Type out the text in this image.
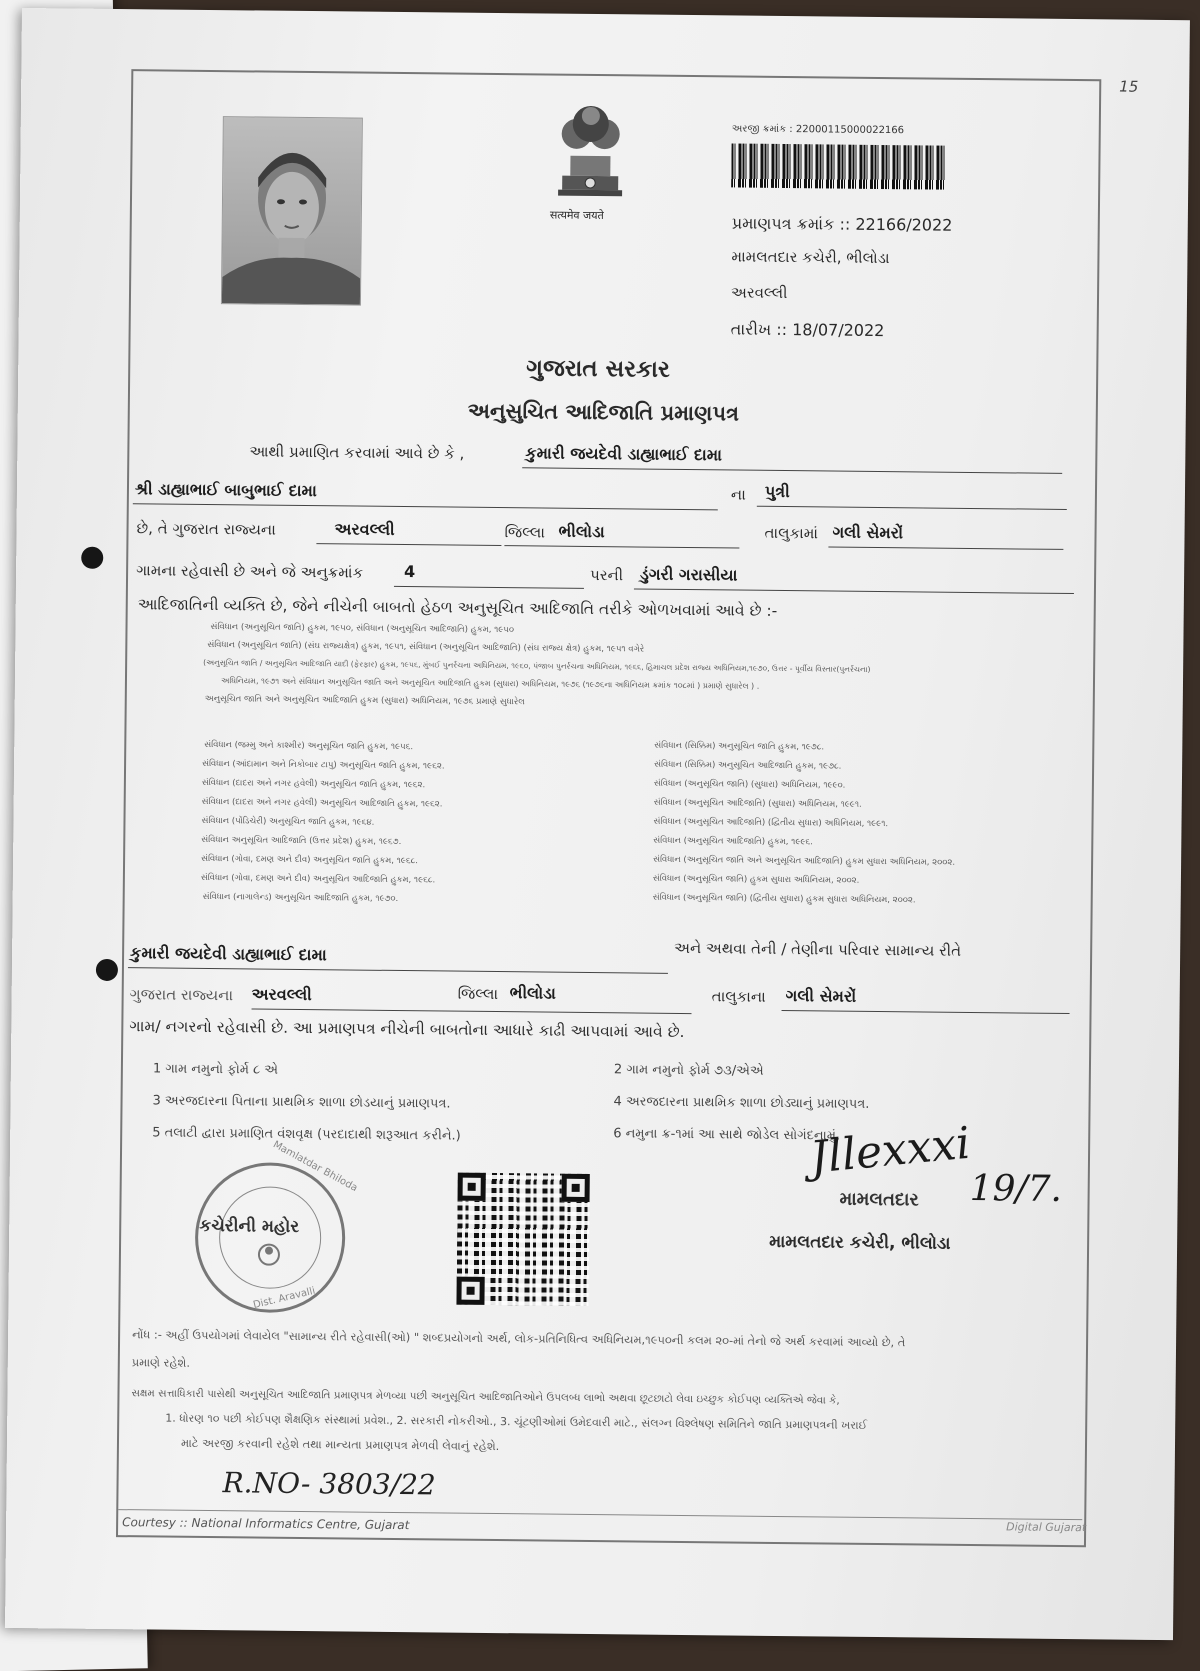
15
सत्यमेव जयते
અરજી ક્રમાંક : 22000115000022166
પ્રમાણપત્ર ક્રમાંક :: 22166/2022
મામલતદાર કચેરી, ભીલોડા
અરવલ્લી
તારીખ :: 18/07/2022
ગુજરાત સરકાર
અનુસુચિત આદિજાતિ પ્રમાણપત્ર
આથી પ્રમાણિત કરવામાં આવે છે કે ,	કુમારી જયદેવી ડાહ્યાભાઈ દામા
શ્રી ડાહ્યાભાઈ બાબુભાઈ દામા	ના પુત્રી
છે, તે ગુજરાત રાજ્યના	અરવલ્લી	જિલ્લા ભીલોડા	તાલુકામાં ગલી સેમરોં
ગામના રહેવાસી છે અને જે અનુક્રમાંક	4	પરની ડુંગરી ગરાસીયા
આદિજાતિની વ્યક્તિ છે, જેને નીચેની બાબતો હેઠળ અનુસૂચિત આદિજાતિ તરીકે ઓળખવામાં આવે છે :-
સંવિધાન (અનુસૂચિત જાતિ) હુકમ, ૧૯૫૦, સંવિધાન (અનુસૂચિત આદિજાતિ) હુકમ, ૧૯૫૦
સંવિધાન (અનુસૂચિત જાતિ) (સંઘ રાજ્યક્ષેત્ર) હુકમ, ૧૯૫૧, સંવિધાન (અનુસૂચિત આદિજાતિ) (સંઘ રાજ્ય ક્ષેત્ર) હુકમ, ૧૯૫૧ વગેરે
(અનુસૂચિત જાતિ / અનુસૂચિત આદિજાતિ યાદી (ફેરફાર) હુકમ, ૧૯૫૬, મુંબઈ પુનર્રચના અધિનિયમ, ૧૯૬૦, પંજાબ પુનર્રચના અધિનિયમ, ૧૯૬૬, હિમાચલ પ્રદેશ રાજ્ય અધિનિયમ,૧૯૭૦, ઉત્તર - પૂર્વીય વિસ્તાર(પુનર્રચના)
અધિનિયમ, ૧૯૭૧ અને સંવિધાન અનુસૂચિત જાતિ અને અનુસૂચિત આદિજાતિ હુકમ (સુધારા) અધિનિયમ, ૧૯૭૬ (૧૯૭૬ના અધિનિયમ ક્રમાંક ૧૦૮માં ) પ્રમાણે સુધારેલ ) .
અનુસૂચિત જાતિ અને અનુસૂચિત આદિજાતિ હુકમ (સુધારા) અધિનિયમ, ૧૯૭૬ પ્રમાણે સુધારેલ
સંવિધાન (જમ્મુ અને કાશ્મીર) અનુસૂચિત જાતિ હુકમ, ૧૯૫૬.
સંવિધાન (આંદામાન અને નિકોબાર ટાપુ) અનુસૂચિત જાતિ હુકમ, ૧૯૬૨.
સંવિધાન (દાદરા અને નગર હવેલી) અનુસૂચિત જાતિ હુકમ, ૧૯૬૨.
સંવિધાન (દાદરા અને નગર હવેલી) અનુસૂચિત આદિજાતિ હુકમ, ૧૯૬૨.
સંવિધાન (પોંડિચેરી) અનુસૂચિત જાતિ હુકમ, ૧૯૬૪.
સંવિધાન અનુસૂચિત આદિજાતિ (ઉત્તર પ્રદેશ) હુકમ, ૧૯૬૭.
સંવિધાન (ગોવા, દમણ અને દીવ) અનુસૂચિત જાતિ હુકમ, ૧૯૬૮.
સંવિધાન (ગોવા, દમણ અને દીવ) અનુસૂચિત આદિજાતિ હુકમ, ૧૯૬૮.
સંવિધાન (નાગાલેન્ડ) અનુસૂચિત આદિજાતિ હુકમ, ૧૯૭૦.
સંવિધાન (સિક્કિમ) અનુસૂચિત જાતિ હુકમ, ૧૯૭૮.
સંવિધાન (સિક્કિમ) અનુસૂચિત આદિજાતિ હુકમ, ૧૯૭૮.
સંવિધાન (અનુસૂચિત જાતિ) (સુધારા) અધિનિયમ, ૧૯૯૦.
સંવિધાન (અનુસૂચિત આદિજાતિ) (સુધારા) અધિનિયમ, ૧૯૯૧.
સંવિધાન (અનુસૂચિત આદિજાતિ) (દ્વિતીય સુધારા) અધિનિયમ, ૧૯૯૧.
સંવિધાન (અનુસૂચિત આદિજાતિ) હુકમ, ૧૯૯૬.
સંવિધાન (અનુસૂચિત જાતિ અને અનુસૂચિત આદિજાતિ) હુકમ સુધારા અધિનિયમ, ૨૦૦૨.
સંવિધાન (અનુસૂચિત જાતિ) હુકમ સુધારા અધિનિયમ, ૨૦૦૨.
સંવિધાન (અનુસૂચિત જાતિ) (દ્વિતીય સુધારા) હુકમ સુધારા અધિનિયમ, ૨૦૦૨.
અને અથવા તેની / તેણીના પરિવાર સામાન્ય રીતે
કુમારી જયદેવી ડાહ્યાભાઈ દામા
ગુજરાત રાજ્યના અરવલ્લી	જિલ્લા ભીલોડા	તાલુકાના ગલી સેમરોં
ગામ/ નગરનો રહેવાસી છે. આ પ્રમાણપત્ર નીચેની બાબતોના આધારે કાઢી આપવામાં આવે છે.
1 ગામ નમુનો ફોર્મ ૮ એ	2 ગામ નમુનો ફોર્મ ૭૩/એએ
3 અરજદારના પિતાના પ્રાથમિક શાળા છોડયાનું પ્રમાણપત્ર.	4 અરજદારના પ્રાથમિક શાળા છોડ્યાનું પ્રમાણપત્ર.
5 તલાટી દ્વારા પ્રમાણિત વંશવૃક્ષ (પરદાદાથી શરૂઆત કરીને.)	6 નમુના ક્ર-૧માં આ સાથે જોડેલ સોગંદનામું.
Mamlatdar Bhiloda
Dist. Aravalli
કચેરીની મહોર
Jllexxxi
19/7.
મામલતદાર
મામલતદાર કચેરી, ભીલોડા
નોંધ :- અહીં ઉપયોગમાં લેવાયેલ "સામાન્ય રીતે રહેવાસી(ઓ) " શબ્દપ્રયોગનો અર્થ, લોક-પ્રતિનિધિત્વ અધિનિયમ,૧૯૫૦ની કલમ ૨૦-માં તેનો જે અર્થ કરવામાં આવ્યો છે, તે
પ્રમાણે રહેશે.
સક્ષમ સત્તાધિકારી પાસેથી અનુસૂચિત આદિજાતિ પ્રમાણપત્ર મેળવ્યા પછી અનુસૂચિત આદિજાતિઓને ઉપલબ્ધ લાભો અથવા છૂટછાટો લેવા ઇચ્છુક કોઈપણ વ્યક્તિએ જેવા કે,
1. ધોરણ ૧૦ પછી કોઈપણ શૈક્ષણિક સંસ્થામાં પ્રવેશ., 2. સરકારી નોકરીઓ., 3. ચૂંટણીઓમાં ઉમેદવારી માટે., સંલગ્ન વિશ્લેષણ સમિતિને જાતિ પ્રમાણપત્રની ખરાઈ
માટે અરજી કરવાની રહેશે તથા માન્યતા પ્રમાણપત્ર મેળવી લેવાનું રહેશે.
R.NO- 3803/22
Courtesy :: National Informatics Centre, Gujarat	Digital Gujarat
